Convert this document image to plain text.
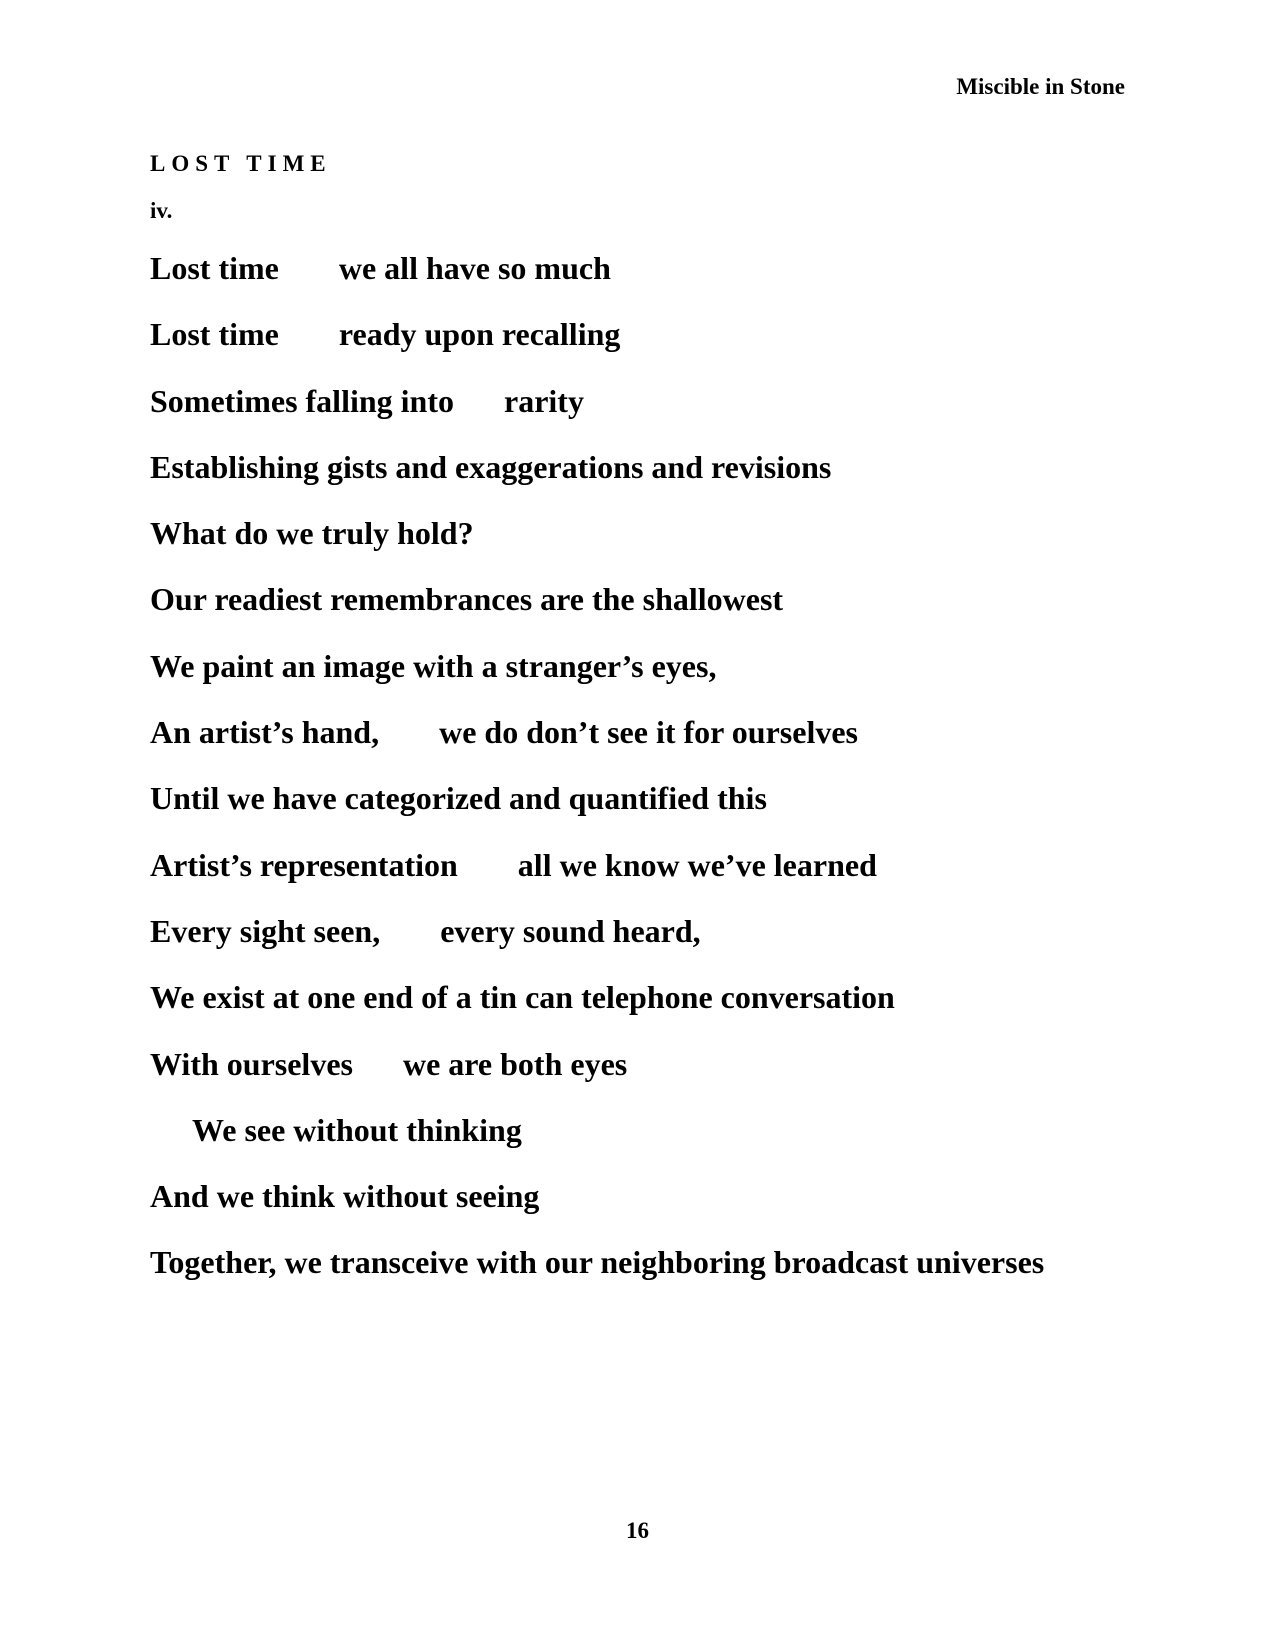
Miscible in Stone
LOST TIME
iv.
Lost time we all have so much
Lost time ready upon recalling
Sometimes falling into rarity
Establishing gists and exaggerations and revisions
What do we truly hold?
Our readiest remembrances are the shallowest
We paint an image with a stranger’s eyes,
An artist’s hand, we do don’t see it for ourselves
Until we have categorized and quantified this
Artist’s representation all we know we’ve learned
Every sight seen, every sound heard,
We exist at one end of a tin can telephone conversation
With ourselves we are both eyes
We see without thinking
And we think without seeing
Together, we transceive with our neighboring broadcast universes
16
